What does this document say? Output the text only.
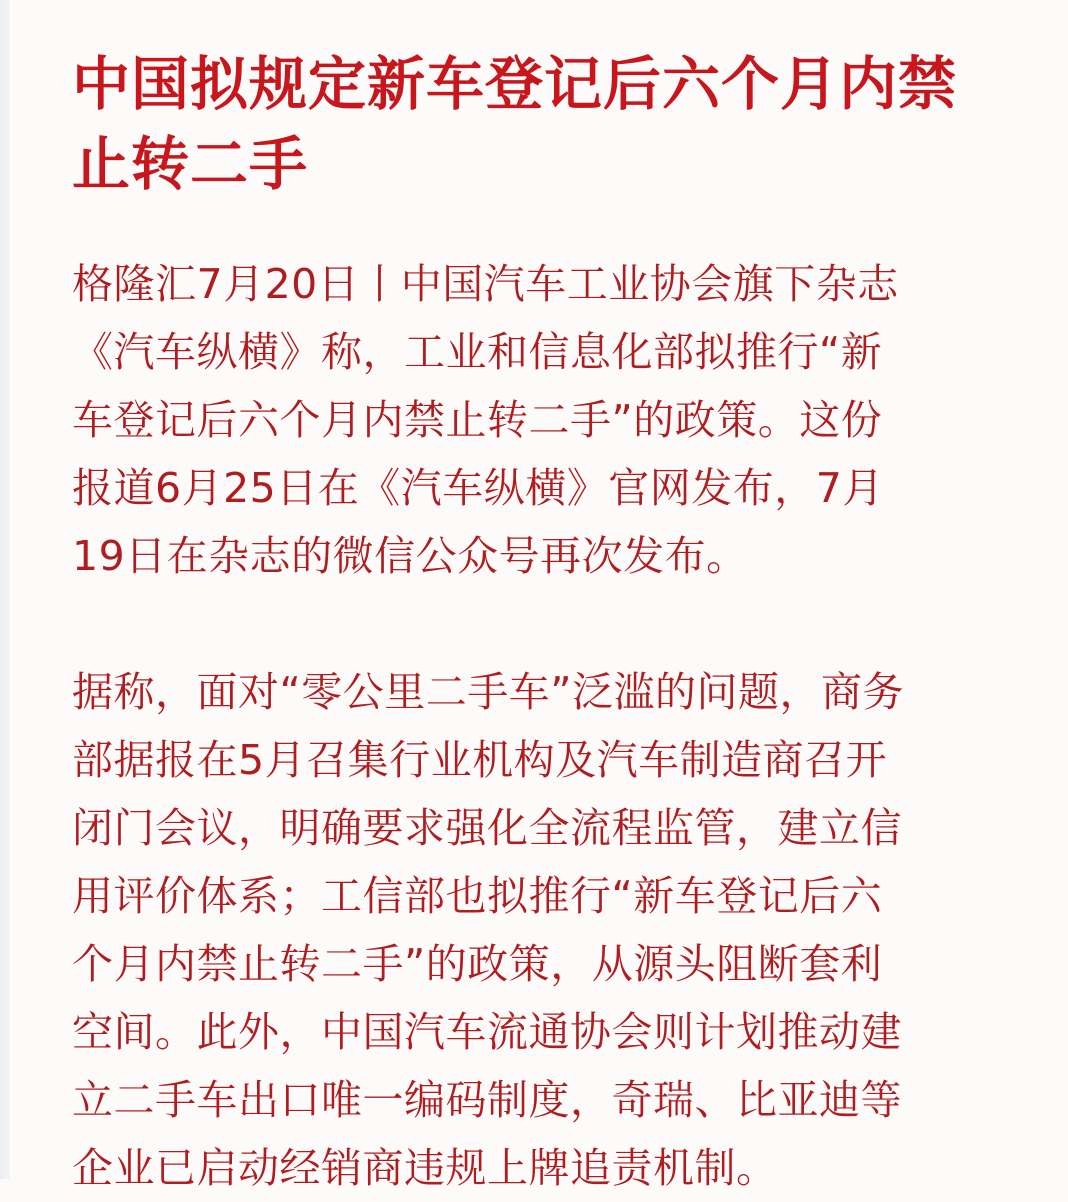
中国拟规定新车登记后六个月内禁
止转二手

格隆汇7月20日丨中国汽车工业协会旗下杂志
《汽车纵横》称，工业和信息化部拟推行“新
车登记后六个月内禁止转二手”的政策。这份
报道6月25日在《汽车纵横》官网发布，7月
19日在杂志的微信公众号再次发布。

据称，面对“零公里二手车”泛滥的问题，商务
部据报在5月召集行业机构及汽车制造商召开
闭门会议，明确要求强化全流程监管，建立信
用评价体系；工信部也拟推行“新车登记后六
个月内禁止转二手”的政策，从源头阻断套利
空间。此外，中国汽车流通协会则计划推动建
立二手车出口唯一编码制度，奇瑞、比亚迪等
企业已启动经销商违规上牌追责机制。
